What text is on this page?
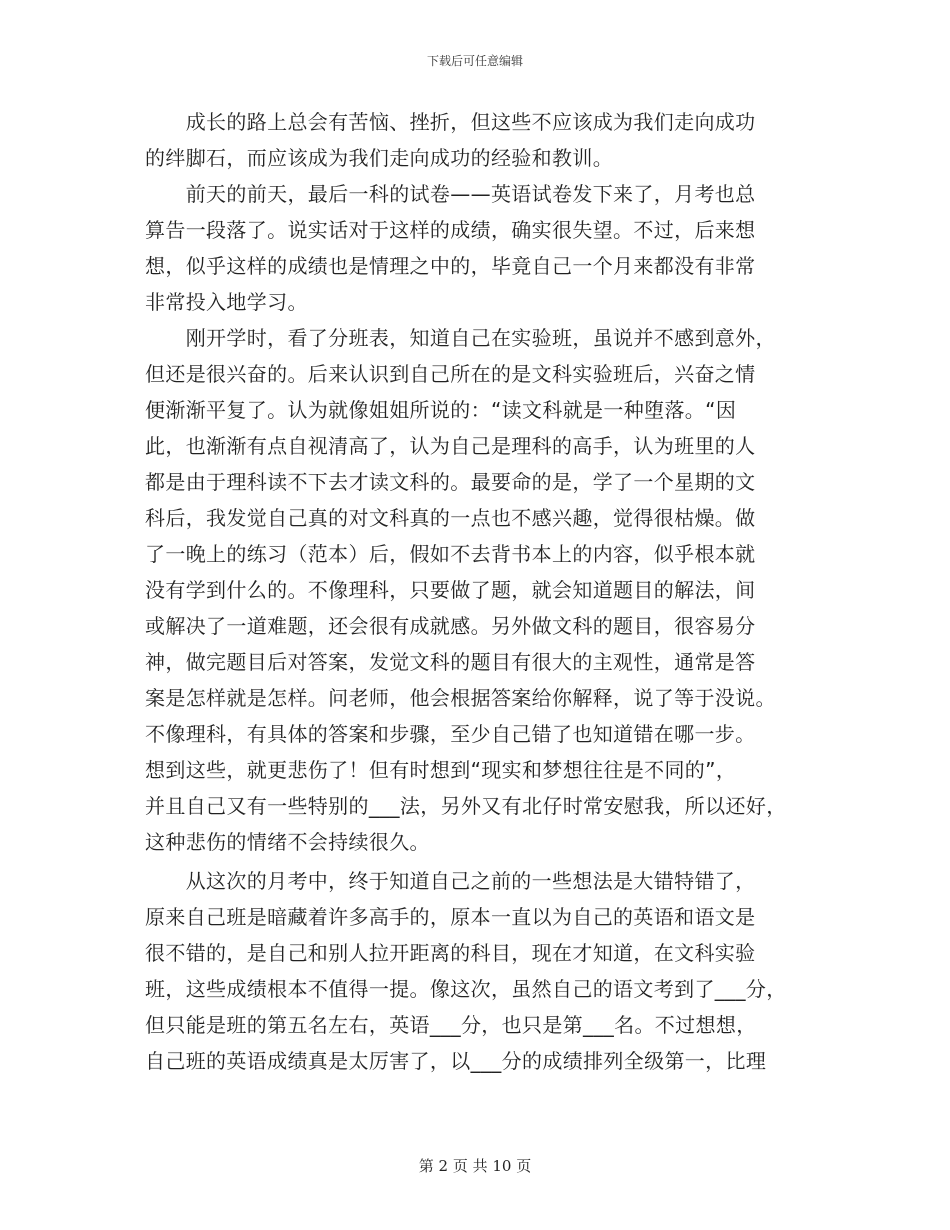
下载后可任意编辑
　　成长的路上总会有苦恼、挫折，但这些不应该成为我们走向成功
的绊脚石，而应该成为我们走向成功的经验和教训。
　　前天的前天，最后一科的试卷——英语试卷发下来了，月考也总
算告一段落了。说实话对于这样的成绩，确实很失望。不过，后来想
想，似乎这样的成绩也是情理之中的，毕竟自己一个月来都没有非常
非常投入地学习。
　　刚开学时，看了分班表，知道自己在实验班，虽说并不感到意外，
但还是很兴奋的。后来认识到自己所在的是文科实验班后，兴奋之情
便渐渐平复了。认为就像姐姐所说的：“读文科就是一种堕落。“因
此，也渐渐有点自视清高了，认为自己是理科的高手，认为班里的人
都是由于理科读不下去才读文科的。最要命的是，学了一个星期的文
科后，我发觉自己真的对文科真的一点也不感兴趣，觉得很枯燥。做
了一晚上的练习（范本）后，假如不去背书本上的内容，似乎根本就
没有学到什么的。不像理科，只要做了题，就会知道题目的解法，间
或解决了一道难题，还会很有成就感。另外做文科的题目，很容易分
神，做完题目后对答案，发觉文科的题目有很大的主观性，通常是答
案是怎样就是怎样。问老师，他会根据答案给你解释，说了等于没说。
不像理科，有具体的答案和步骤，至少自己错了也知道错在哪一步。
想到这些，就更悲伤了！但有时想到“现实和梦想往往是不同的”，
并且自己又有一些特别的___法，另外又有北仔时常安慰我，所以还好，
这种悲伤的情绪不会持续很久。
　　从这次的月考中，终于知道自己之前的一些想法是大错特错了，
原来自己班是暗藏着许多高手的，原本一直以为自己的英语和语文是
很不错的，是自己和别人拉开距离的科目，现在才知道，在文科实验
班，这些成绩根本不值得一提。像这次，虽然自己的语文考到了___分，
但只能是班的第五名左右，英语___分，也只是第___名。不过想想，
自己班的英语成绩真是太厉害了，以___分的成绩排列全级第一，比理
第 2 页 共 10 页
